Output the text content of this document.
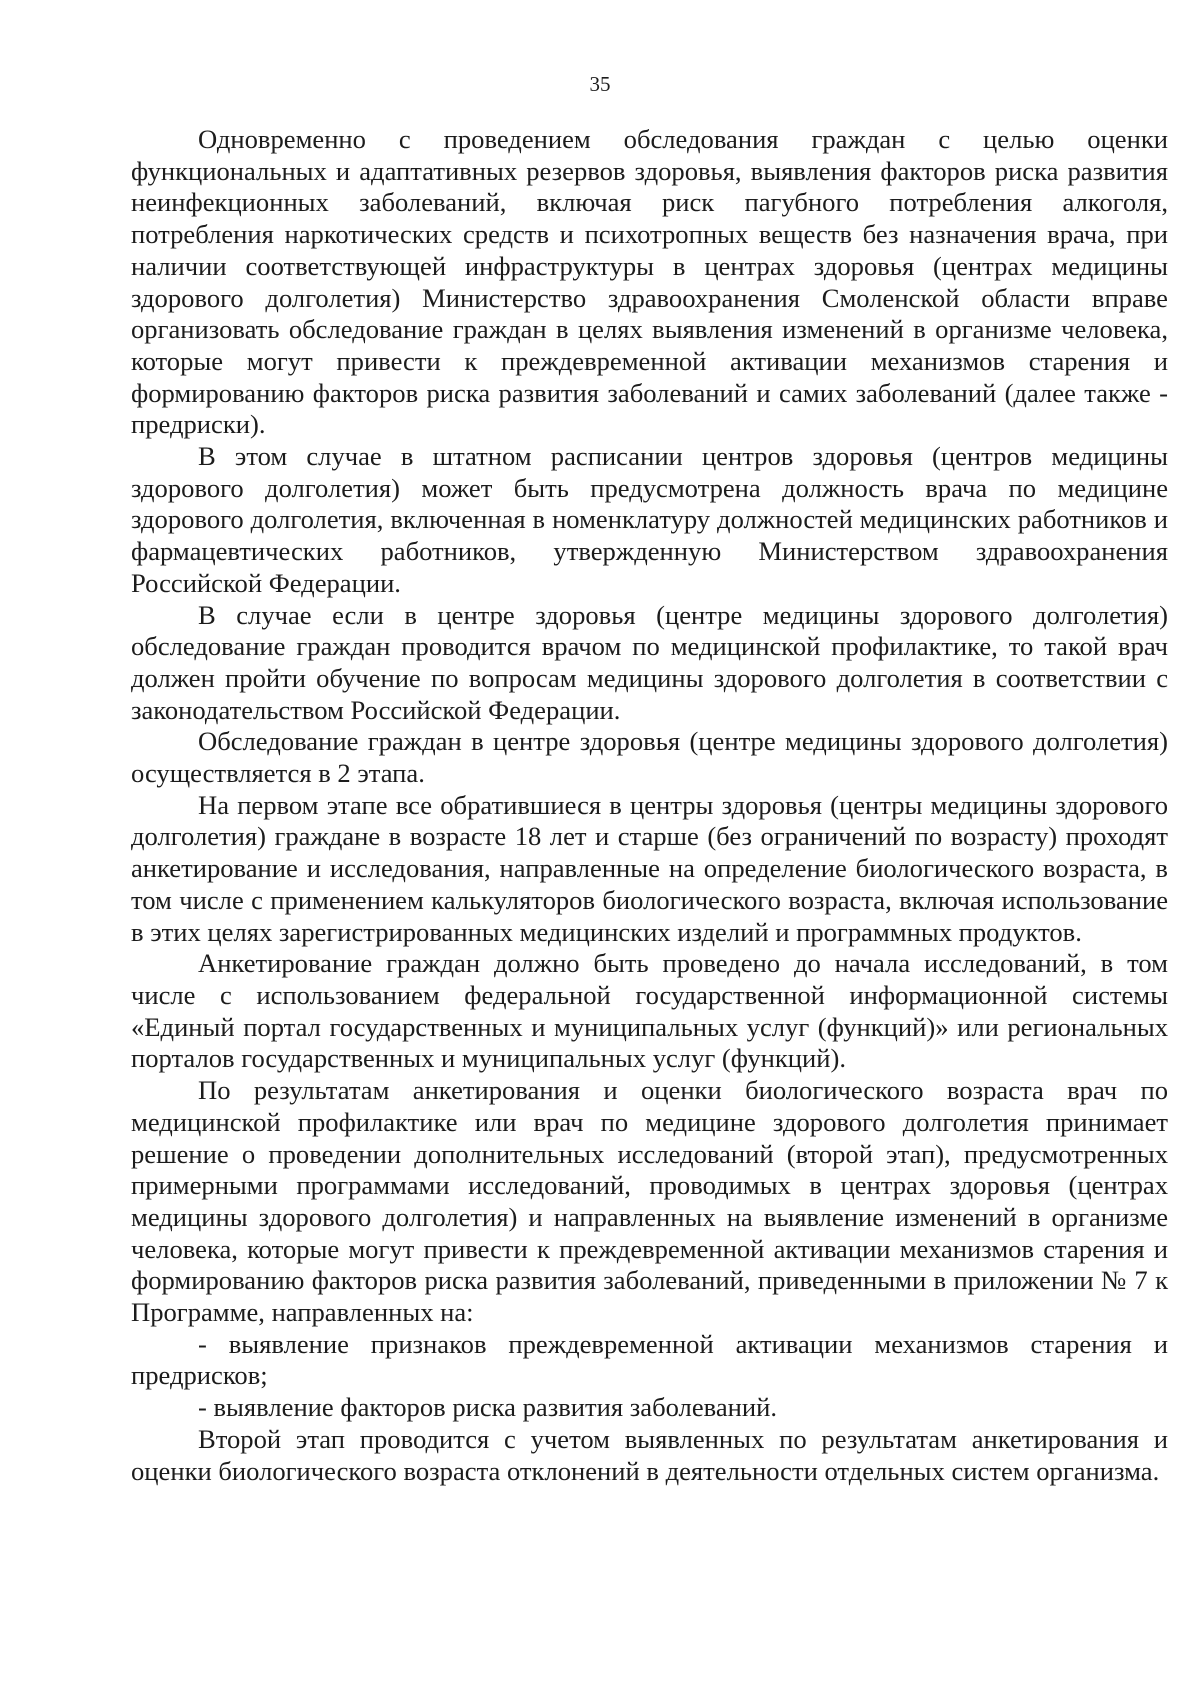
35

Одновременно с проведением обследования граждан с целью оценки функциональных и адаптативных резервов здоровья, выявления факторов риска развития неинфекционных заболеваний, включая риск пагубного потребления алкоголя, потребления наркотических средств и психотропных веществ без назначения врача, при наличии соответствующей инфраструктуры в центрах здоровья (центрах медицины здорового долголетия) Министерство здравоохранения Смоленской области вправе организовать обследование граждан в целях выявления изменений в организме человека, которые могут привести к преждевременной активации механизмов старения и формированию факторов риска развития заболеваний и самих заболеваний (далее также - предриски).

В этом случае в штатном расписании центров здоровья (центров медицины здорового долголетия) может быть предусмотрена должность врача по медицине здорового долголетия, включенная в номенклатуру должностей медицинских работников и фармацевтических работников, утвержденную Министерством здравоохранения Российской Федерации.

В случае если в центре здоровья (центре медицины здорового долголетия) обследование граждан проводится врачом по медицинской профилактике, то такой врач должен пройти обучение по вопросам медицины здорового долголетия в соответствии с законодательством Российской Федерации.

Обследование граждан в центре здоровья (центре медицины здорового долголетия) осуществляется в 2 этапа.

На первом этапе все обратившиеся в центры здоровья (центры медицины здорового долголетия) граждане в возрасте 18 лет и старше (без ограничений по возрасту) проходят анкетирование и исследования, направленные на определение биологического возраста, в том числе с применением калькуляторов биологического возраста, включая использование в этих целях зарегистрированных медицинских изделий и программных продуктов.

Анкетирование граждан должно быть проведено до начала исследований, в том числе с использованием федеральной государственной информационной системы «Единый портал государственных и муниципальных услуг (функций)» или региональных порталов государственных и муниципальных услуг (функций).

По результатам анкетирования и оценки биологического возраста врач по медицинской профилактике или врач по медицине здорового долголетия принимает решение о проведении дополнительных исследований (второй этап), предусмотренных примерными программами исследований, проводимых в центрах здоровья (центрах медицины здорового долголетия) и направленных на выявление изменений в организме человека, которые могут привести к преждевременной активации механизмов старения и формированию факторов риска развития заболеваний, приведенными в приложении № 7 к Программе, направленных на:

- выявление признаков преждевременной активации механизмов старения и предрисков;

- выявление факторов риска развития заболеваний.

Второй этап проводится с учетом выявленных по результатам анкетирования и оценки биологического возраста отклонений в деятельности отдельных систем организма.
